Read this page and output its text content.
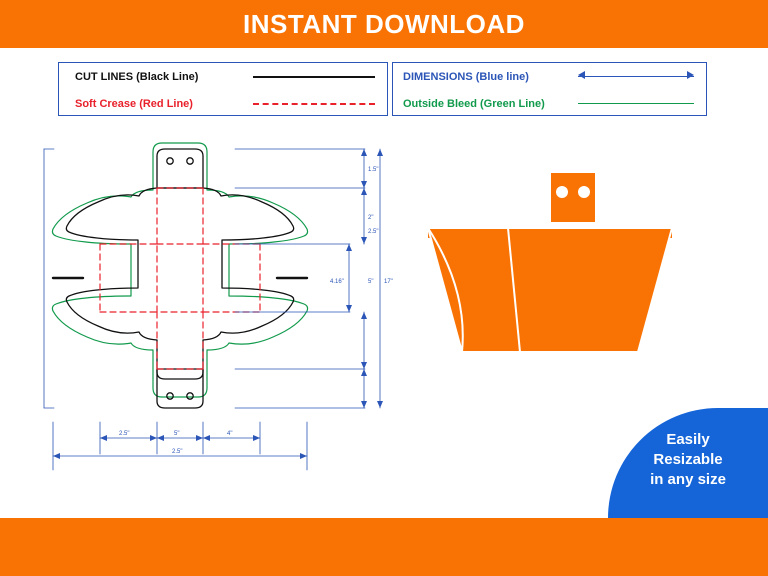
INSTANT DOWNLOAD
CUT LINES (Black Line)
Soft Crease (Red Line)
DIMENSIONS (Blue line)
Outside Bleed (Green Line)
1.5"
2"
2.5"
5"
4.16"	17"
2.5"	5"	4"
2.5"
Easily
Resizable
in any size
